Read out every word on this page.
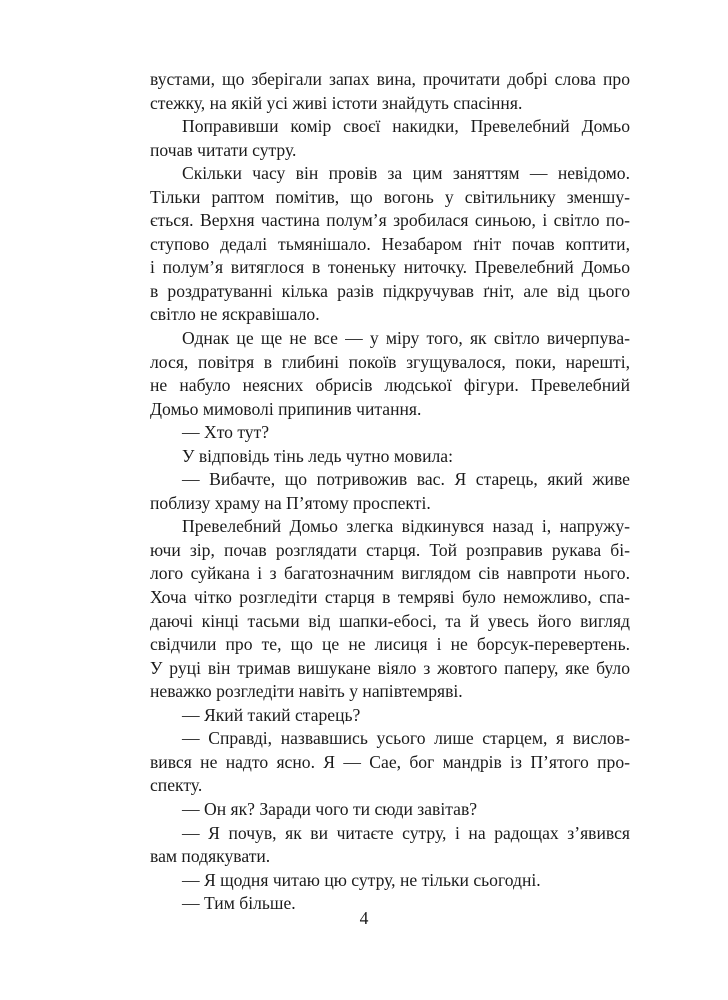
вустами, що зберігали запах вина, прочитати добрі слова про
стежку, на якій усі живі істоти знайдуть спасіння.
Поправивши комір своєї накидки, Превелебний Домьо
почав читати сутру.
Скільки часу він провів за цим заняттям — невідомо.
Тільки раптом помітив, що вогонь у світильнику зменшу-
ється. Верхня частина полум’я зробилася синьою, і світло по-
ступово дедалі тьмянішало. Незабаром ґніт почав коптити,
і полум’я витяглося в тоненьку ниточку. Превелебний Домьо
в роздратуванні кілька разів підкручував ґніт, але від цього
світло не яскравішало.
Однак це ще не все — у міру того, як світло вичерпува-
лося, повітря в глибині покоїв згущувалося, поки, нарешті,
не набуло неясних обрисів людської фігури. Превелебний
Домьо мимоволі припинив читання.
— Хто тут?
У відповідь тінь ледь чутно мовила:
— Вибачте, що потривожив вас. Я старець, який живе
поблизу храму на П’ятому проспекті.
Превелебний Домьо злегка відкинувся назад і, напружу-
ючи зір, почав розглядати старця. Той розправив рукава бі-
лого суйкана і з багатозначним виглядом сів навпроти нього.
Хоча чітко розгледіти старця в темряві було неможливо, спа-
даючі кінці тасьми від шапки-ебосі, та й увесь його вигляд
свідчили про те, що це не лисиця і не борсук-перевертень.
У руці він тримав вишукане віяло з жовтого паперу, яке було
неважко розгледіти навіть у напівтемряві.
— Який такий старець?
— Справді, назвавшись усього лише старцем, я вислов-
вився не надто ясно. Я — Сае, бог мандрів із П’ятого про-
спекту.
— Он як? Заради чого ти сюди завітав?
— Я почув, як ви читаєте сутру, і на радощах з’явився
вам подякувати.
— Я щодня читаю цю сутру, не тільки сьогодні.
— Тим більше.
4
